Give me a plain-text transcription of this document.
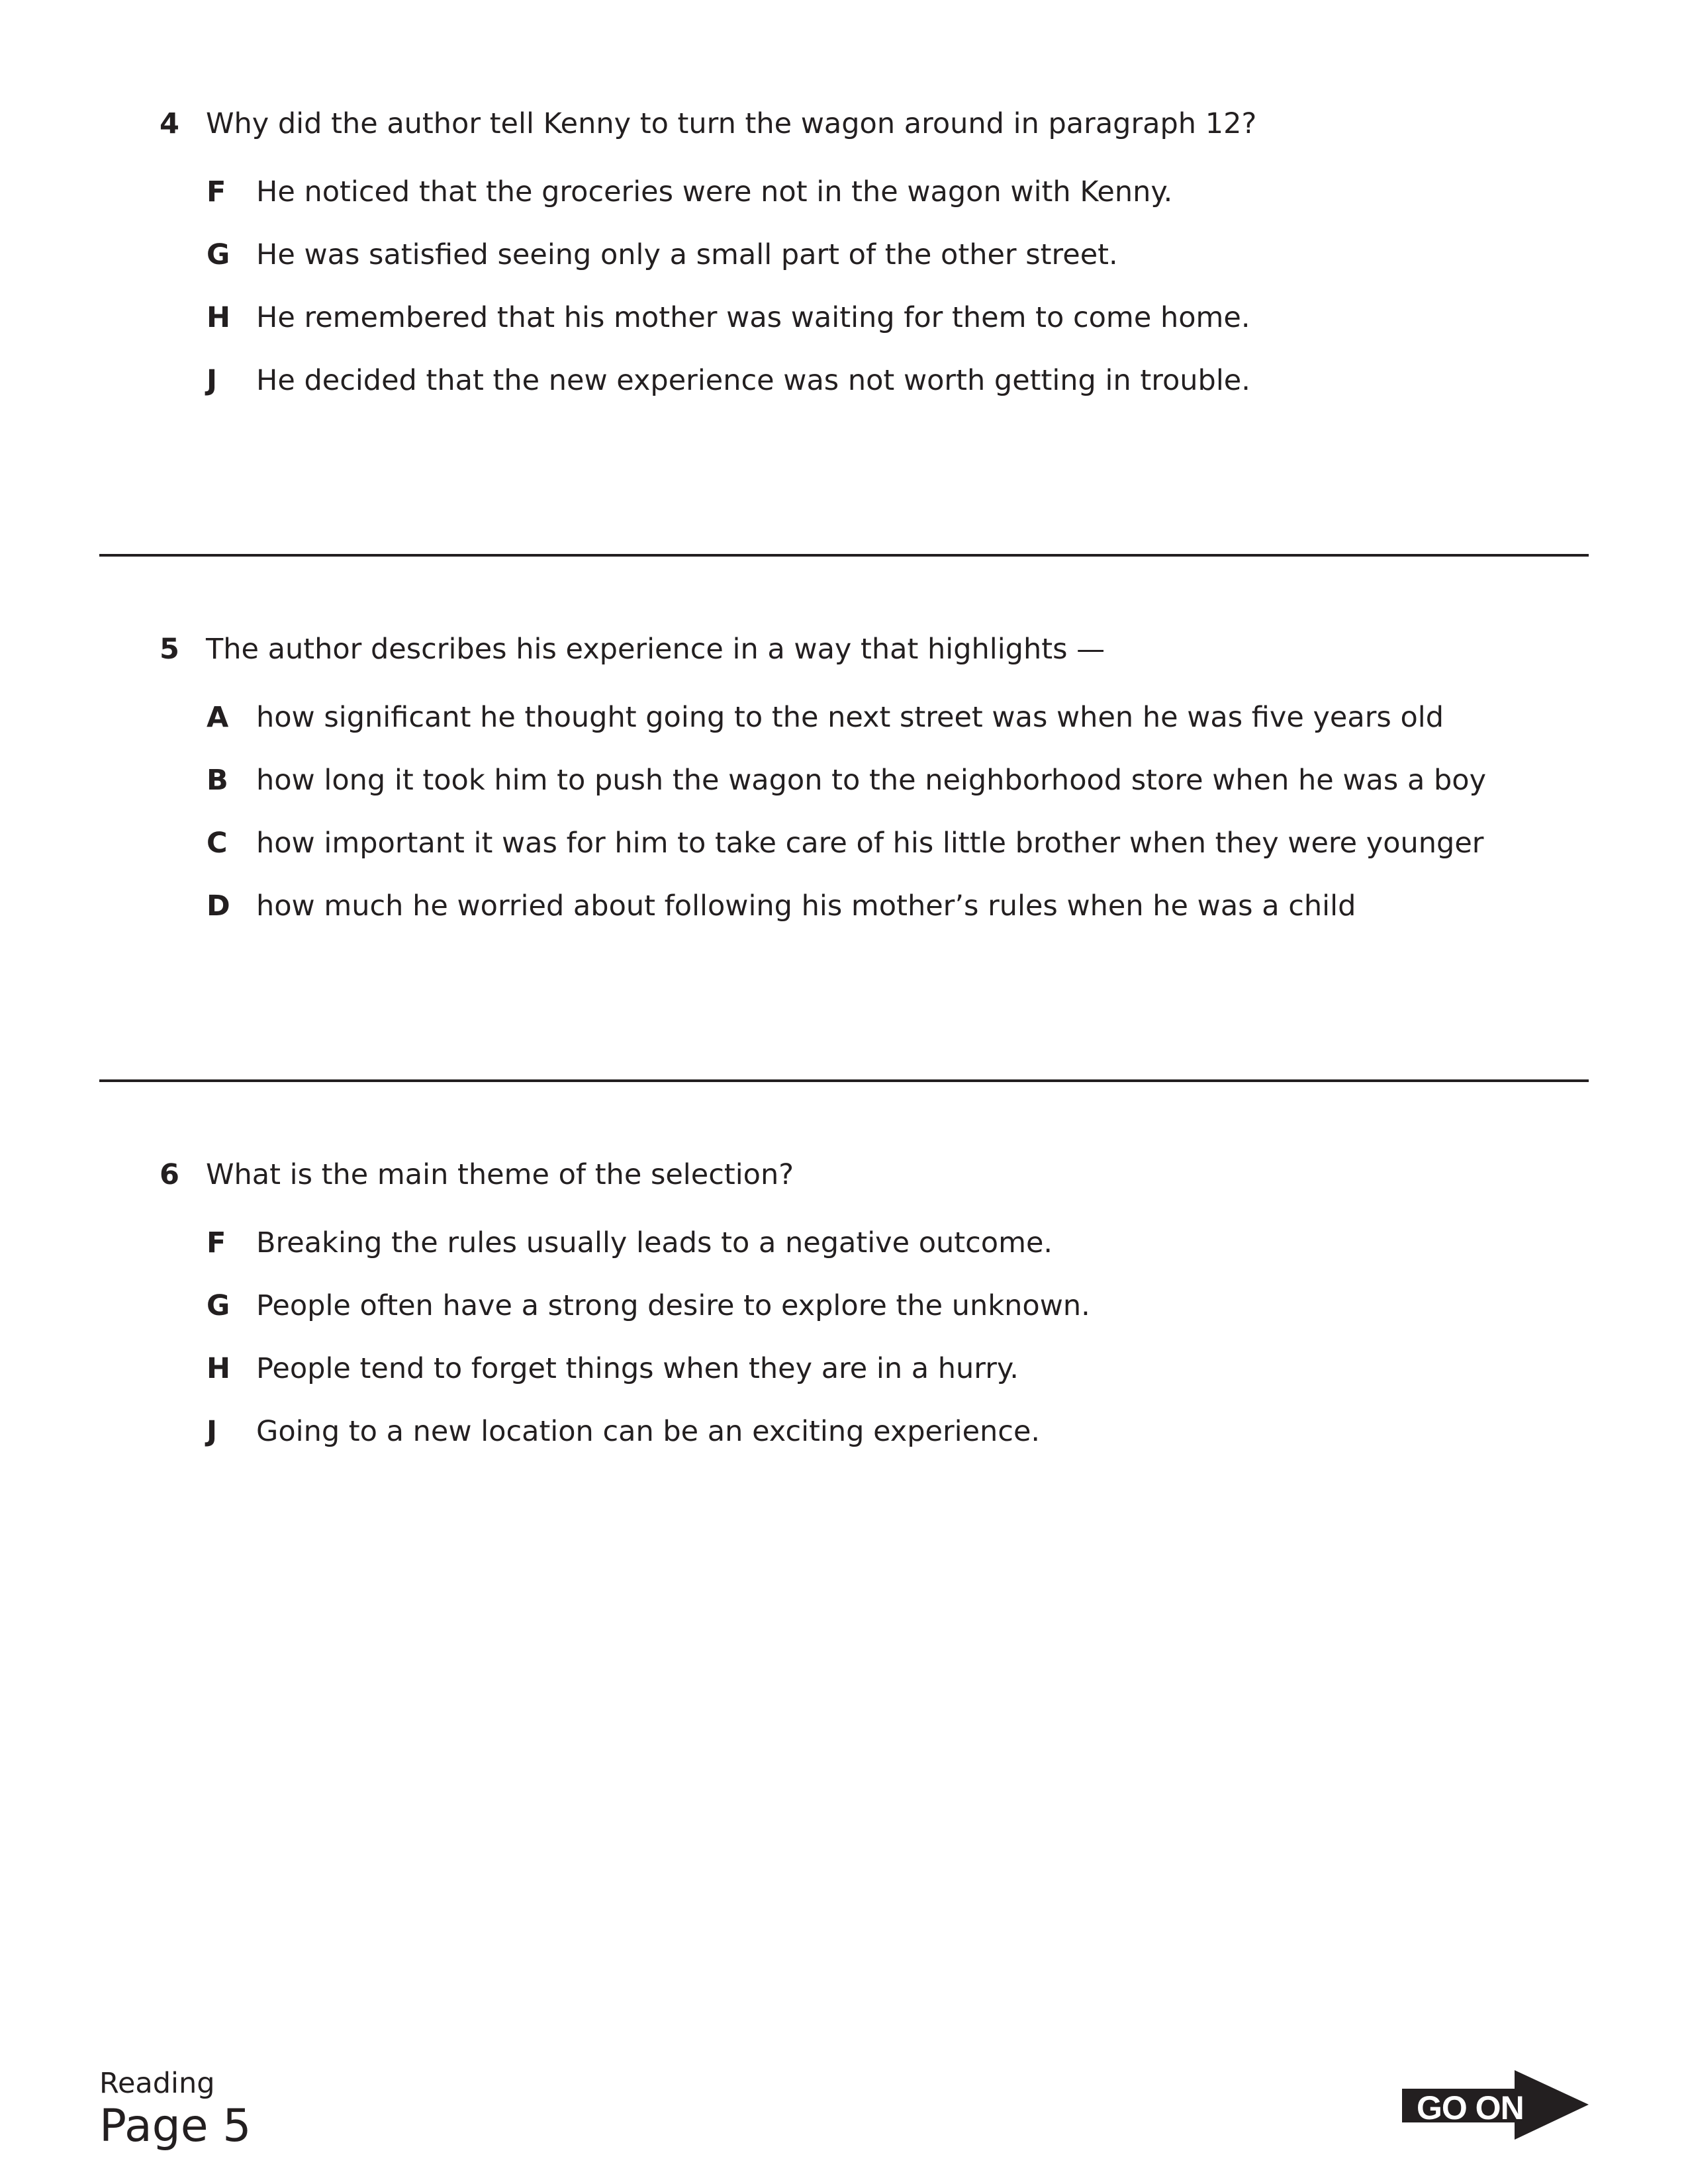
4 Why did the author tell Kenny to turn the wagon around in paragraph 12?
F He noticed that the groceries were not in the wagon with Kenny.
G He was satisfied seeing only a small part of the other street.
H He remembered that his mother was waiting for them to come home.
J He decided that the new experience was not worth getting in trouble.
5 The author describes his experience in a way that highlights —
A how significant he thought going to the next street was when he was five years old
B how long it took him to push the wagon to the neighborhood store when he was a boy
C how important it was for him to take care of his little brother when they were younger
D how much he worried about following his mother’s rules when he was a child
6 What is the main theme of the selection?
F Breaking the rules usually leads to a negative outcome.
G People often have a strong desire to explore the unknown.
H People tend to forget things when they are in a hurry.
J Going to a new location can be an exciting experience.
Reading
Page 5	GO ON
